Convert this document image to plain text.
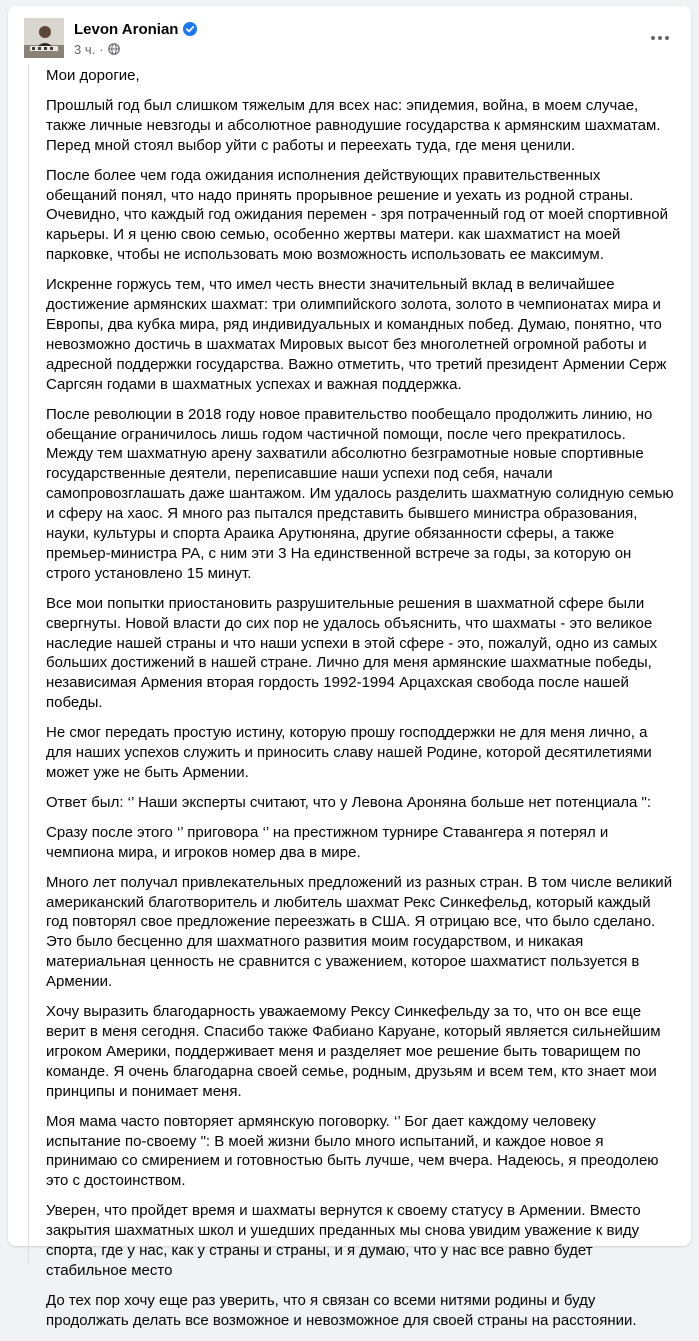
Levon Aronian
3 ч. ·

Мои дорогие,

Прошлый год был слишком тяжелым для всех нас: эпидемия, война, в моем случае, также личные невзгоды и абсолютное равнодушие государства к армянским шахматам. Перед мной стоял выбор уйти с работы и переехать туда, где меня ценили.

После более чем года ожидания исполнения действующих правительственных обещаний понял, что надо принять прорывное решение и уехать из родной страны. Очевидно, что каждый год ожидания перемен - зря потраченный год от моей спортивной карьеры. И я ценю свою семью, особенно жертвы матери. как шахматист на моей парковке, чтобы не использовать мою возможность использовать ее максимум.

Искренне горжусь тем, что имел честь внести значительный вклад в величайшее достижение армянских шахмат: три олимпийского золота, золото в чемпионатах мира и Европы, два кубка мира, ряд индивидуальных и командных побед. Думаю, понятно, что невозможно достичь в шахматах Мировых высот без многолетней огромной работы и адресной поддержки государства. Важно отметить, что третий президент Армении Серж Саргсян годами в шахматных успехах и важная поддержка.

После революции в 2018 году новое правительство пообещало продолжить линию, но обещание ограничилось лишь годом частичной помощи, после чего прекратилось. Между тем шахматную арену захватили абсолютно безграмотные новые спортивные государственные деятели, переписавшие наши успехи под себя, начали самопровозглашать даже шантажом. Им удалось разделить шахматную солидную семью и сферу на хаос. Я много раз пытался представить бывшего министра образования, науки, культуры и спорта Араика Арутюняна, другие обязанности сферы, а также премьер-министра РА, с ним эти 3 На единственной встрече за годы, за которую он строго установлено 15 минут.

Все мои попытки приостановить разрушительные решения в шахматной сфере были свергнуты. Новой власти до сих пор не удалось объяснить, что шахматы - это великое наследие нашей страны и что наши успехи в этой сфере - это, пожалуй, одно из самых больших достижений в нашей стране. Лично для меня армянские шахматные победы, независимая Армения вторая гордость 1992-1994 Арцахская свобода после нашей победы.

Не смог передать простую истину, которую прошу господдержки не для меня лично, а для наших успехов служить и приносить славу нашей Родине, которой десятилетиями может уже не быть Армении.

Ответ был: ‘’ Наши эксперты считают, что у Левона Ароняна больше нет потенциала ":

Сразу после этого ‘’ приговора ‘’ на престижном турнире Ставангера я потерял и чемпиона мира, и игроков номер два в мире.

Много лет получал привлекательных предложений из разных стран. В том числе великий американский благотворитель и любитель шахмат Рекс Синкефельд, который каждый год повторял свое предложение переезжать в США. Я отрицаю все, что было сделано. Это было бесценно для шахматного развития моим государством, и никакая материальная ценность не сравнится с уважением, которое шахматист пользуется в Армении.

Хочу выразить благодарность уважаемому Рексу Синкефельду за то, что он все еще верит в меня сегодня. Спасибо также Фабиано Каруане, который является сильнейшим игроком Америки, поддерживает меня и разделяет мое решение быть товарищем по команде. Я очень благодарна своей семье, родным, друзьям и всем тем, кто знает мои принципы и понимает меня.

Моя мама часто повторяет армянскую поговорку. ‘’ Бог дает каждому человеку испытание по-своему ": В моей жизни было много испытаний, и каждое новое я принимаю со смирением и готовностью быть лучше, чем вчера. Надеюсь, я преодолею это с достоинством.

Уверен, что пройдет время и шахматы вернутся к своему статусу в Армении. Вместо закрытия шахматных школ и ушедших преданных мы снова увидим уважение к виду спорта, где у нас, как у страны и страны, и я думаю, что у нас все равно будет стабильное место

До тех пор хочу еще раз уверить, что я связан со всеми нитями родины и буду продолжать делать все возможное и невозможное для своей страны на расстоянии.
